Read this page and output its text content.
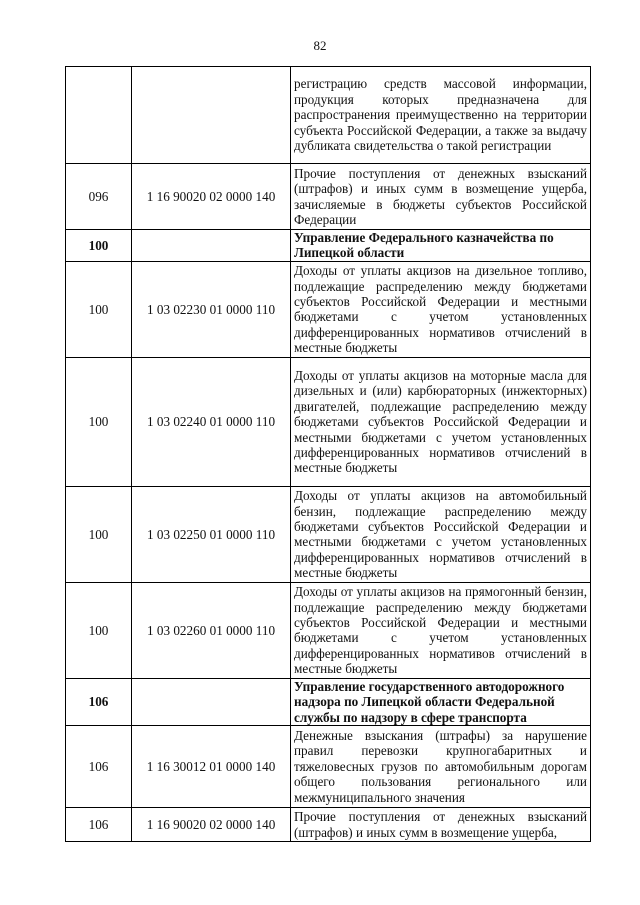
82
		регистрацию средств массовой информации, продукция которых предназначена для распространения преимущественно на территории субъекта Российской Федерации, а также за выдачу дубликата свидетельства о такой регистрации
096	1 16 90020 02 0000 140	Прочие поступления от денежных взысканий (штрафов) и иных сумм в возмещение ущерба, зачисляемые в бюджеты субъектов Российской Федерации
100		Управление Федерального казначейства по Липецкой области
100	1 03 02230 01 0000 110	Доходы от уплаты акцизов на дизельное топливо, подлежащие распределению между бюджетами субъектов Российской Федерации и местными бюджетами с учетом установленных дифференцированных нормативов отчислений в местные бюджеты
100	1 03 02240 01 0000 110	Доходы от уплаты акцизов на моторные масла для дизельных и (или) карбюраторных (инжекторных) двигателей, подлежащие распределению между бюджетами субъектов Российской Федерации и местными бюджетами с учетом установленных дифференцированных нормативов отчислений в местные бюджеты
100	1 03 02250 01 0000 110	Доходы от уплаты акцизов на автомобильный бензин, подлежащие распределению между бюджетами субъектов Российской Федерации и местными бюджетами с учетом установленных дифференцированных нормативов отчислений в местные бюджеты
100	1 03 02260 01 0000 110	Доходы от уплаты акцизов на прямогонный бензин, подлежащие распределению между бюджетами субъектов Российской Федерации и местными бюджетами с учетом установленных дифференцированных нормативов отчислений в местные бюджеты
106		Управление государственного автодорожного надзора по Липецкой области Федеральной службы по надзору в сфере транспорта
106	1 16 30012 01 0000 140	Денежные взыскания (штрафы) за нарушение правил перевозки крупногабаритных и тяжеловесных грузов по автомобильным дорогам общего пользования регионального или межмуниципального значения
106	1 16 90020 02 0000 140	Прочие поступления от денежных взысканий (штрафов) и иных сумм в возмещение ущерба,
